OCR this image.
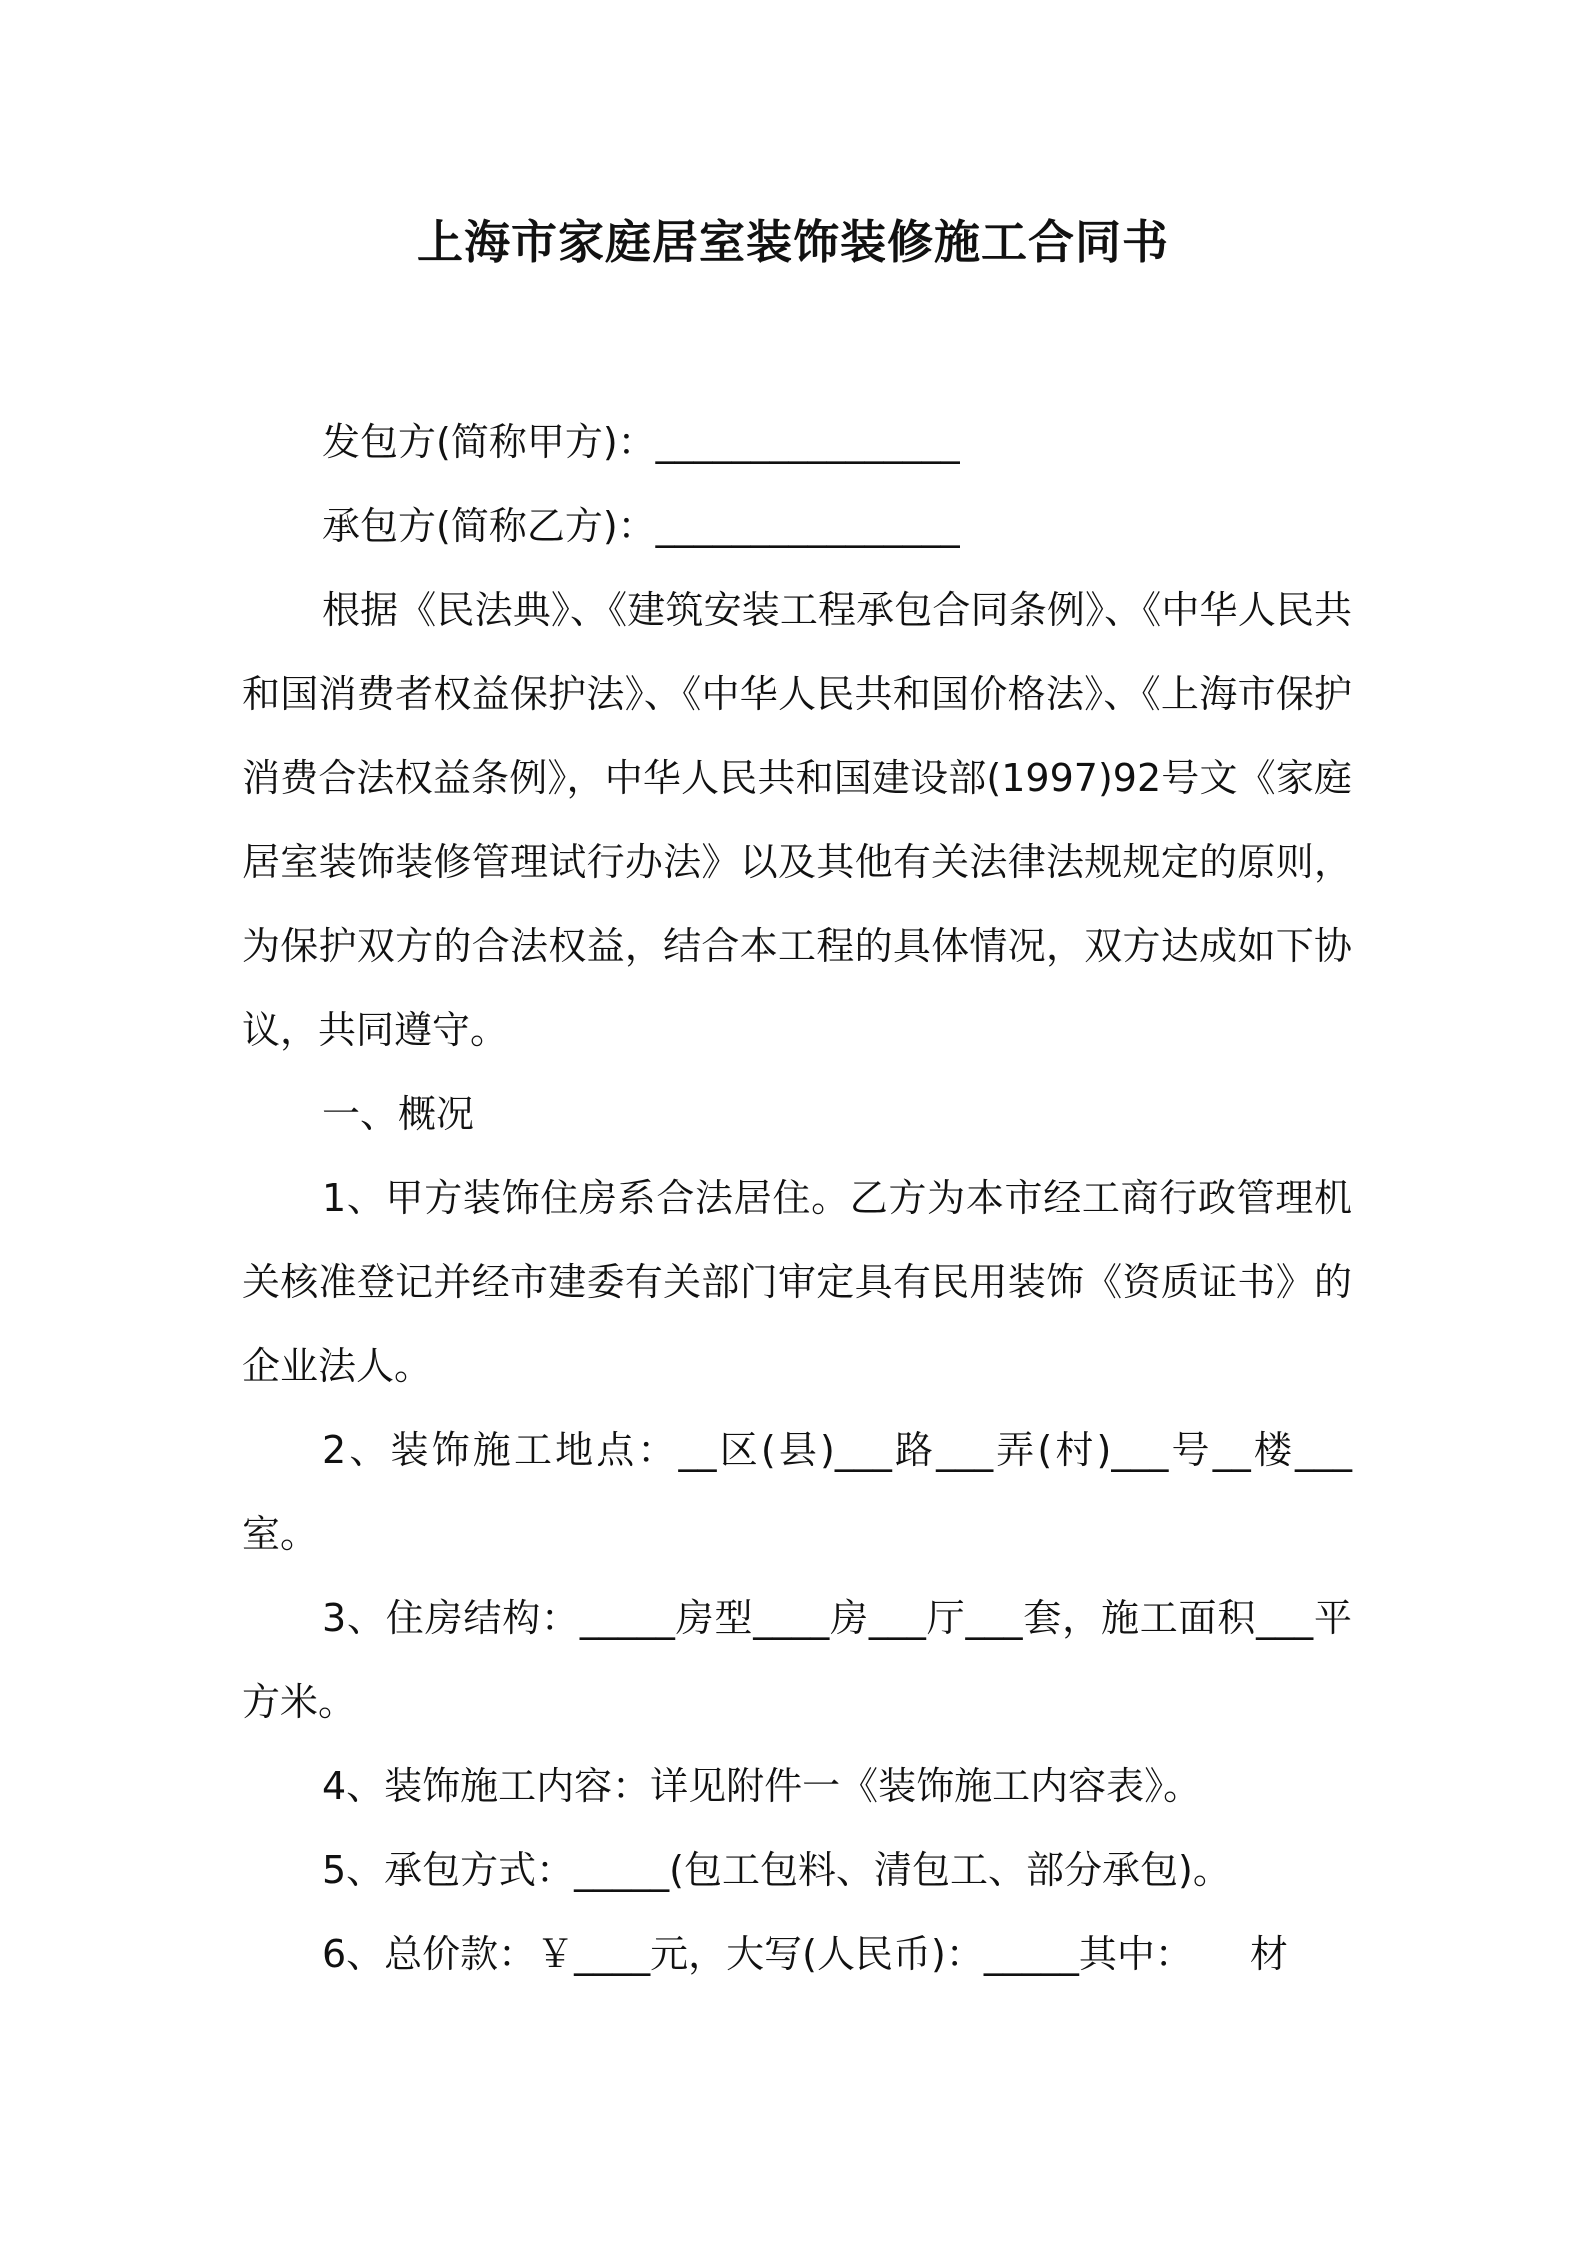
上海市家庭居室装饰装修施工合同书

发包方(简称甲方)：________________

承包方(简称乙方)：________________

根据《民法典》、《建筑安装工程承包合同条例》、《中华人民共和国消费者权益保护法》、《中华人民共和国价格法》、《上海市保护消费合法权益条例》，中华人民共和国建设部(1997)92号文《家庭居室装饰装修管理试行办法》以及其他有关法律法规规定的原则，为保护双方的合法权益，结合本工程的具体情况，双方达成如下协议，共同遵守。

一、概况

1、甲方装饰住房系合法居住。乙方为本市经工商行政管理机关核准登记并经市建委有关部门审定具有民用装饰《资质证书》的企业法人。

2、装饰施工地点：__区(县)___路___弄(村)___号__楼___室。

3、住房结构：_____房型____房___厅___套，施工面积___平方米。

4、装饰施工内容：详见附件一《装饰施工内容表》。

5、承包方式：_____(包工包料、清包工、部分承包)。

6、总价款：￥____元，大写(人民币)：_____其中：　　材
